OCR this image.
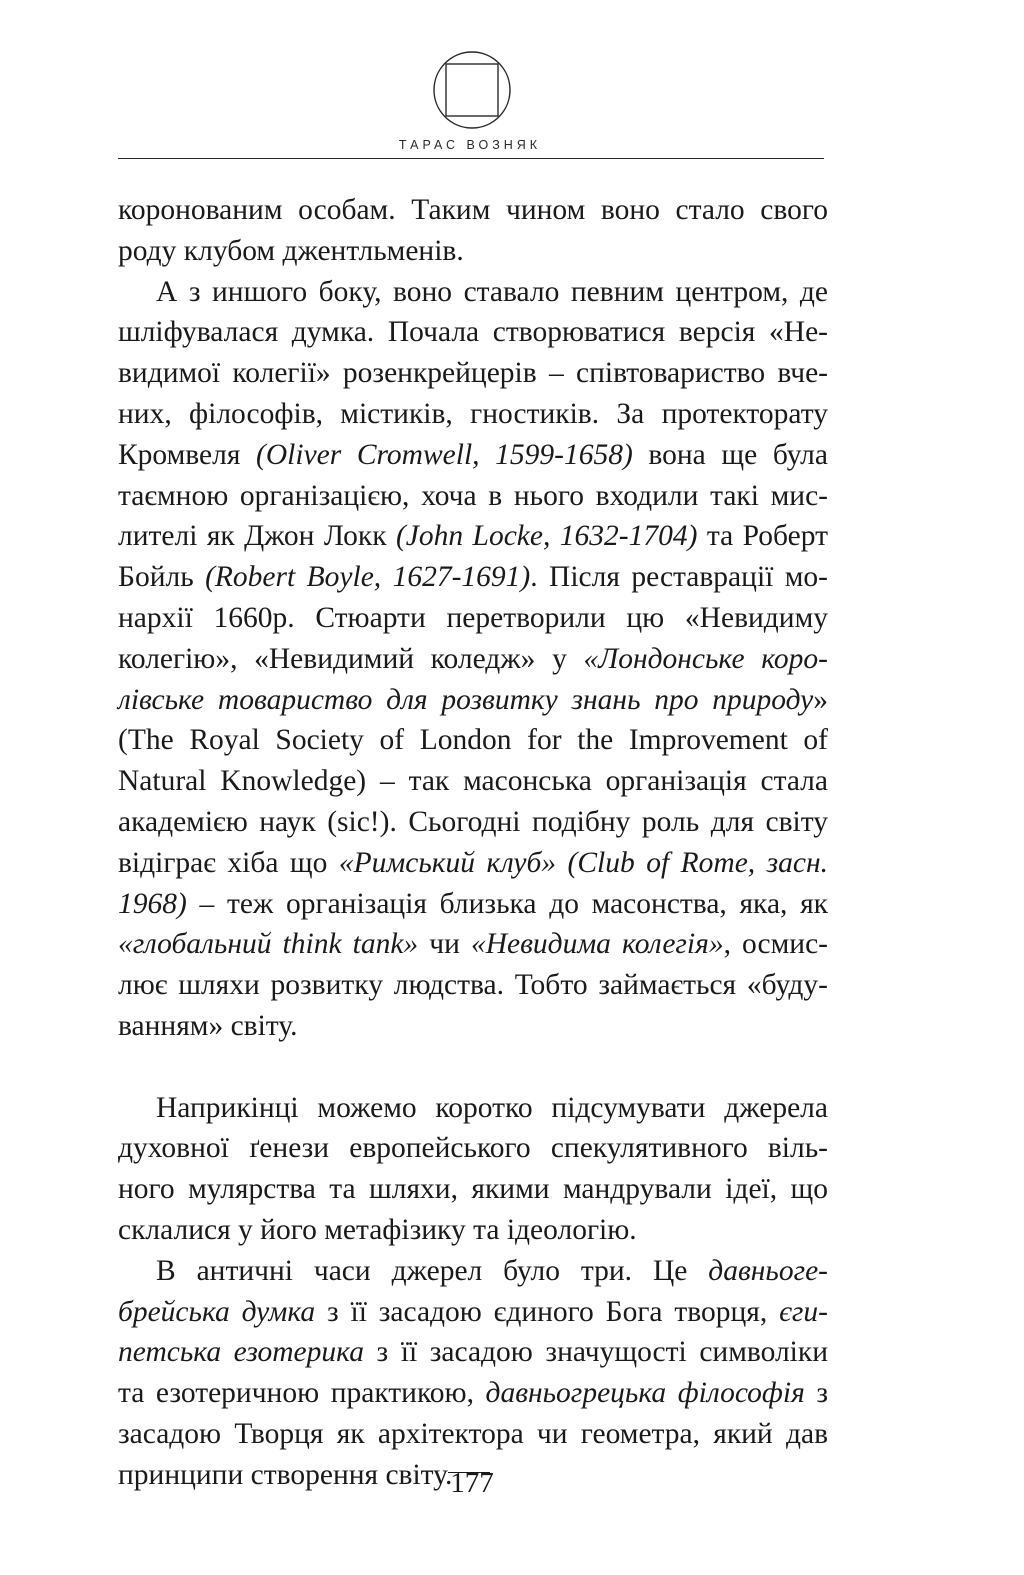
ТАРАС ВОЗНЯК
коронованим особам. Таким чином воно стало свого
роду клубом джентльменів.
А з иншого боку, воно ставало певним центром, де
шліфувалася думка. Почала створюватися версія «Не-
видимої колегії» розенкрейцерів – співтовариство вче-
них, філософів, містиків, гностиків. За протекторату
Кромвеля (Oliver Cromwell, 1599-1658) вона ще була
таємною організацією, хоча в нього входили такі мис-
лителі як Джон Локк (John Locke, 1632-1704) та Роберт
Бойль (Robert Boyle, 1627-1691). Після реставрації мо-
нархії 1660р. Стюарти перетворили цю «Невидиму
колегію», «Невидимий коледж» у «Лондонське коро-
лівське товариство для розвитку знань про природу»
(The Royal Society of London for the Improvement of
Natural Knowledge) – так масонська організація стала
академією наук (sic!). Сьогодні подібну роль для світу
відіграє хіба що «Римський клуб» (Club of Rome, засн.
1968) – теж організація близька до масонства, яка, як
«глобальний think tank» чи «Невидима колегія», осмис-
лює шляхи розвитку людства. Тобто займається «буду-
ванням» світу.
Наприкінці можемо коротко підсумувати джерела
духовної ґенези европейського спекулятивного віль-
ного мулярства та шляхи, якими мандрували ідеї, що
склалися у його метафізику та ідеологію.
В античні часи джерел було три. Це давньоге-
брейська думка з її засадою єдиного Бога творця, єги-
петська езотерика з її засадою значущості символіки
та езотеричною практикою, давньогрецька філософія з
засадою Творця як архітектора чи геометра, який дав
принципи створення світу.
177
